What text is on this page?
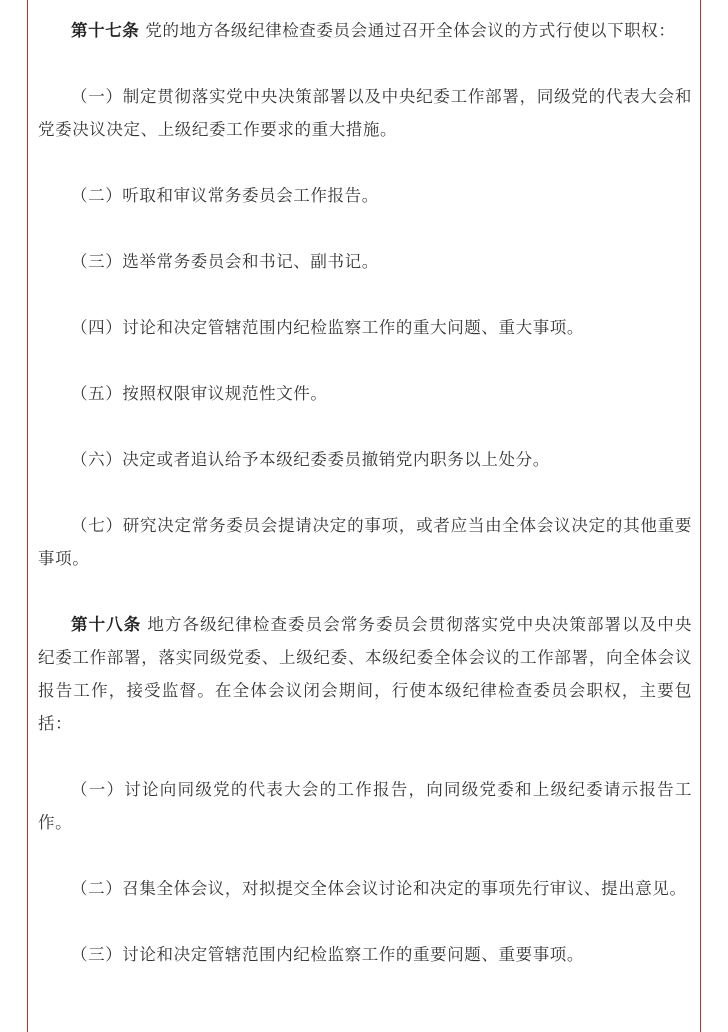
第十七条 党的地方各级纪律检查委员会通过召开全体会议的方式行使以下职权：

（一）制定贯彻落实党中央决策部署以及中央纪委工作部署，同级党的代表大会和党委决议决定、上级纪委工作要求的重大措施。

（二）听取和审议常务委员会工作报告。

（三）选举常务委员会和书记、副书记。

（四）讨论和决定管辖范围内纪检监察工作的重大问题、重大事项。

（五）按照权限审议规范性文件。

（六）决定或者追认给予本级纪委委员撤销党内职务以上处分。

（七）研究决定常务委员会提请决定的事项，或者应当由全体会议决定的其他重要事项。

第十八条 地方各级纪律检查委员会常务委员会贯彻落实党中央决策部署以及中央纪委工作部署，落实同级党委、上级纪委、本级纪委全体会议的工作部署，向全体会议报告工作，接受监督。在全体会议闭会期间，行使本级纪律检查委员会职权，主要包括：

（一）讨论向同级党的代表大会的工作报告，向同级党委和上级纪委请示报告工作。

（二）召集全体会议，对拟提交全体会议讨论和决定的事项先行审议、提出意见。

（三）讨论和决定管辖范围内纪检监察工作的重要问题、重要事项。
